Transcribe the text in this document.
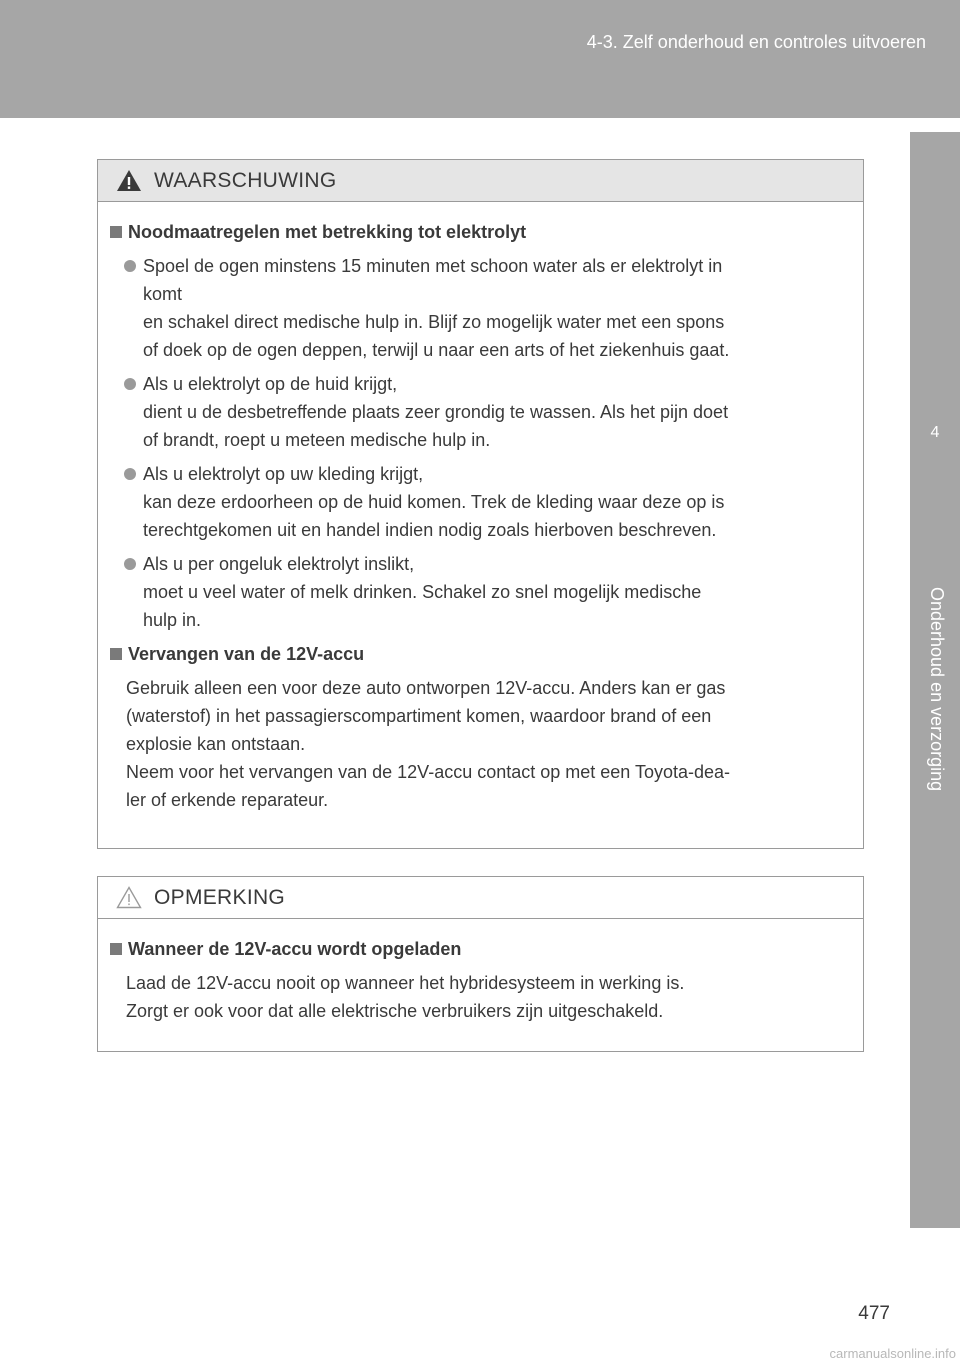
4-3. Zelf onderhoud en controles uitvoeren
4
Onderhoud en verzorging
WAARSCHUWING
Noodmaatregelen met betrekking tot elektrolyt
Spoel de ogen minstens 15 minuten met schoon water als er elektrolyt in
komt
en schakel direct medische hulp in. Blijf zo mogelijk water met een spons
of doek op de ogen deppen, terwijl u naar een arts of het ziekenhuis gaat.
Als u elektrolyt op de huid krijgt,
dient u de desbetreffende plaats zeer grondig te wassen. Als het pijn doet
of brandt, roept u meteen medische hulp in.
Als u elektrolyt op uw kleding krijgt,
kan deze erdoorheen op de huid komen. Trek de kleding waar deze op is
terechtgekomen uit en handel indien nodig zoals hierboven beschreven.
Als u per ongeluk elektrolyt inslikt,
moet u veel water of melk drinken. Schakel zo snel mogelijk medische
hulp in.
Vervangen van de 12V-accu
Gebruik alleen een voor deze auto ontworpen 12V-accu. Anders kan er gas
(waterstof) in het passagierscompartiment komen, waardoor brand of een
explosie kan ontstaan.
Neem voor het vervangen van de 12V-accu contact op met een Toyota-dea-
ler of erkende reparateur.
OPMERKING
Wanneer de 12V-accu wordt opgeladen
Laad de 12V-accu nooit op wanneer het hybridesysteem in werking is.
Zorgt er ook voor dat alle elektrische verbruikers zijn uitgeschakeld.
477
carmanualsonline.info
